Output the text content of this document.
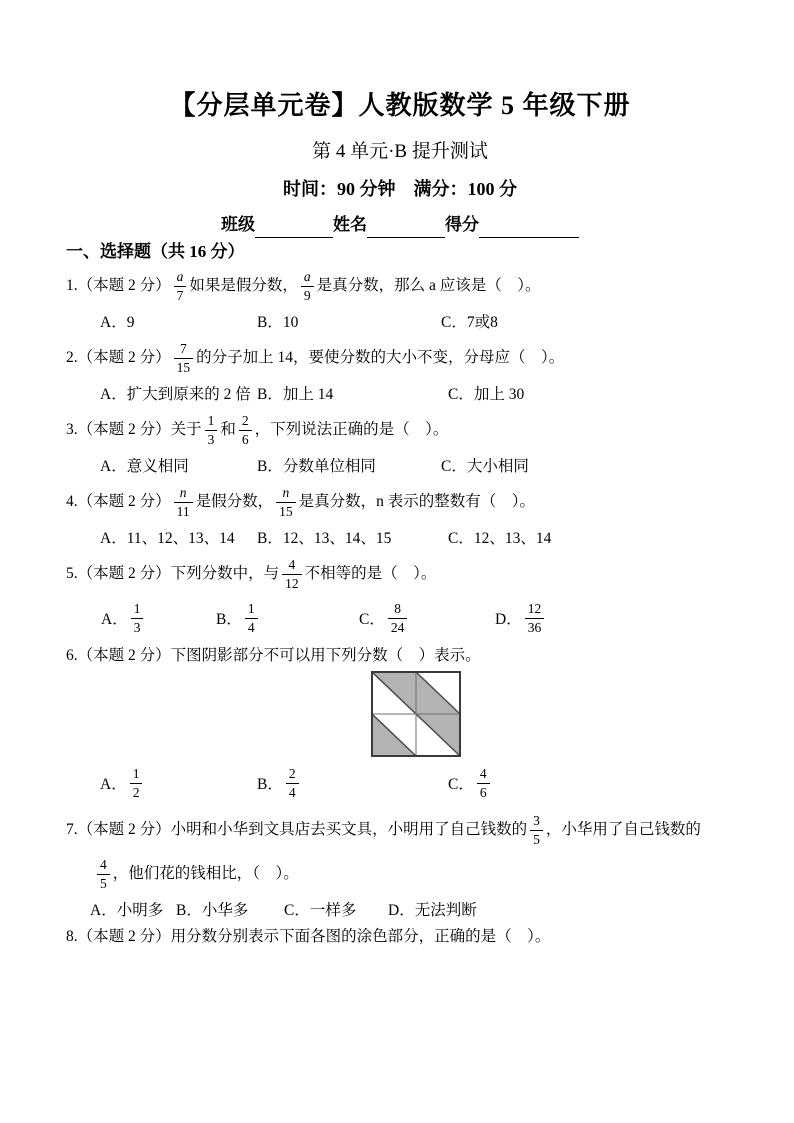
【分层单元卷】人教版数学 5 年级下册
第 4 单元·B 提升测试
时间：90 分钟　满分：100 分
班级	姓名	得分
一、选择题（共 16 分）
1.（本题 2 分） $\frac{a}{7}$ 如果是假分数， $\frac{a}{9}$ 是真分数，那么 a 应该是（　）。
A．9	B．10	C．7或8
2.（本题 2 分） $\frac{7}{15}$ 的分子加上 14，要使分数的大小不变，分母应（　）。
A．扩大到原来的 2 倍 B．加上 14	C．加上 30
3.（本题 2 分）关于 $\frac{1}{3}$ 和 $\frac{2}{6}$ ，下列说法正确的是（　）。
A．意义相同	B．分数单位相同	C．大小相同
4.（本题 2 分） $\frac{n}{11}$ 是假分数， $\frac{n}{15}$ 是真分数，n 表示的整数有（　）。
A．11、12、13、14 B．12、13、14、15	C．12、13、14
5.（本题 2 分）下列分数中，与 $\frac{4}{12}$ 不相等的是（　）。
A． $\frac{1}{3}$	B． $\frac{1}{4}$	C． $\frac{8}{24}$	D． $\frac{12}{36}$
6.（本题 2 分）下图阴影部分不可以用下列分数（　）表示。
A． $\frac{1}{2}$	B． $\frac{2}{4}$	C． $\frac{4}{6}$
7.（本题 2 分）小明和小华到文具店去买文具，小明用了自己钱数的 $\frac{3}{5}$ ，小华用了自己钱数的
$\frac{4}{5}$ ，他们花的钱相比，（　）。
A．小明多 B．小华多 C．一样多 D．无法判断
8.（本题 2 分）用分数分别表示下面各图的涂色部分，正确的是（　）。
